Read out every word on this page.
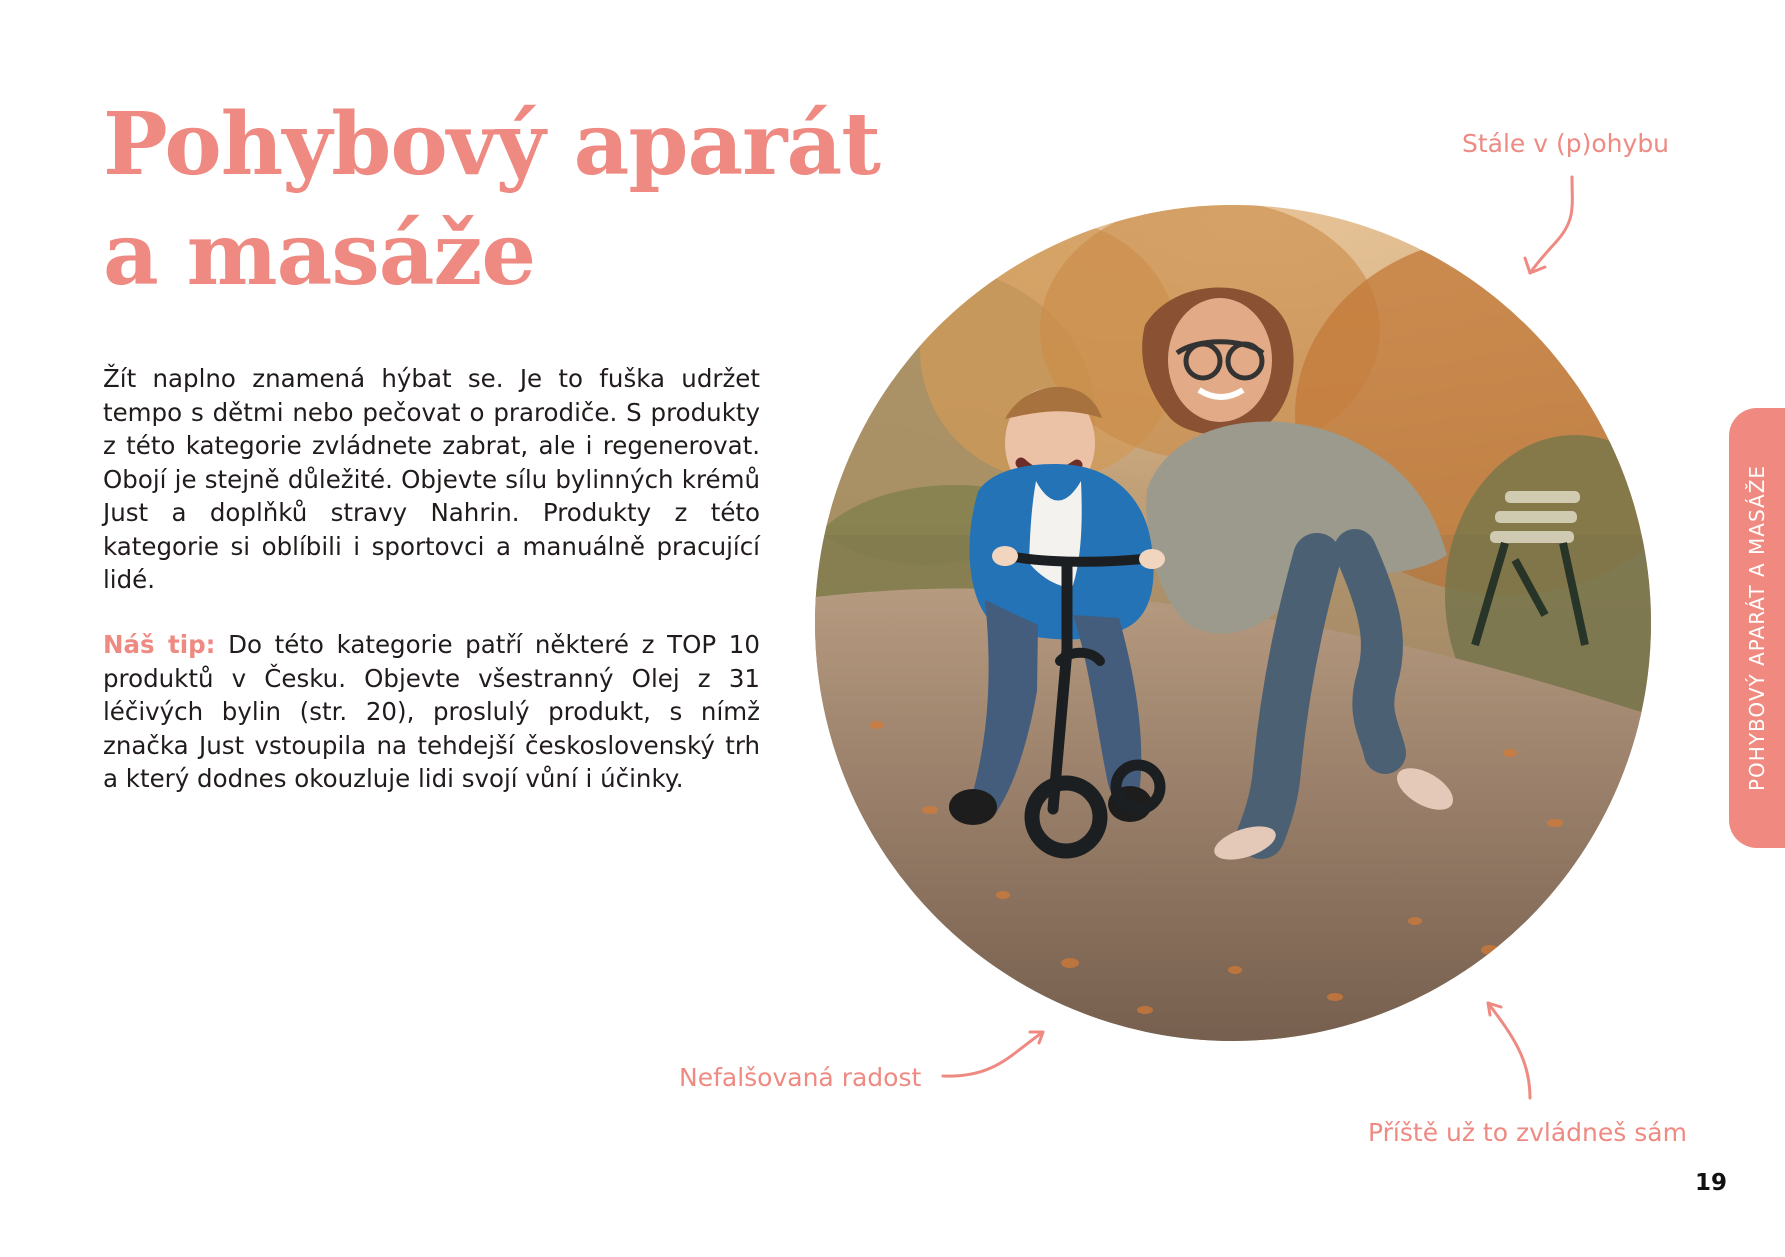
Pohybový aparát
a masáže

Žít naplno znamená hýbat se. Je to fuška udržet tempo s dětmi nebo pečovat o prarodiče. S produkty z této kategorie zvládnete zabrat, ale i regenerovat. Obojí je stejně důležité. Objevte sílu bylinných krémů Just a doplňků stravy Nahrin. Produkty z této kategorie si oblíbili i sportovci a manuálně pracující lidé.

Náš tip: Do této kategorie patří některé z TOP 10 produktů v Česku. Objevte všestranný Olej z 31 léčivých bylin (str. 20), proslulý produkt, s nímž značka Just vstoupila na tehdejší československý trh a který dodnes okouzluje lidi svojí vůní i účinky.

Stále v (p)ohybu

Nefalšovaná radost

Příště už to zvládneš sám

POHYBOVÝ APARÁT A MASÁŽE

19
